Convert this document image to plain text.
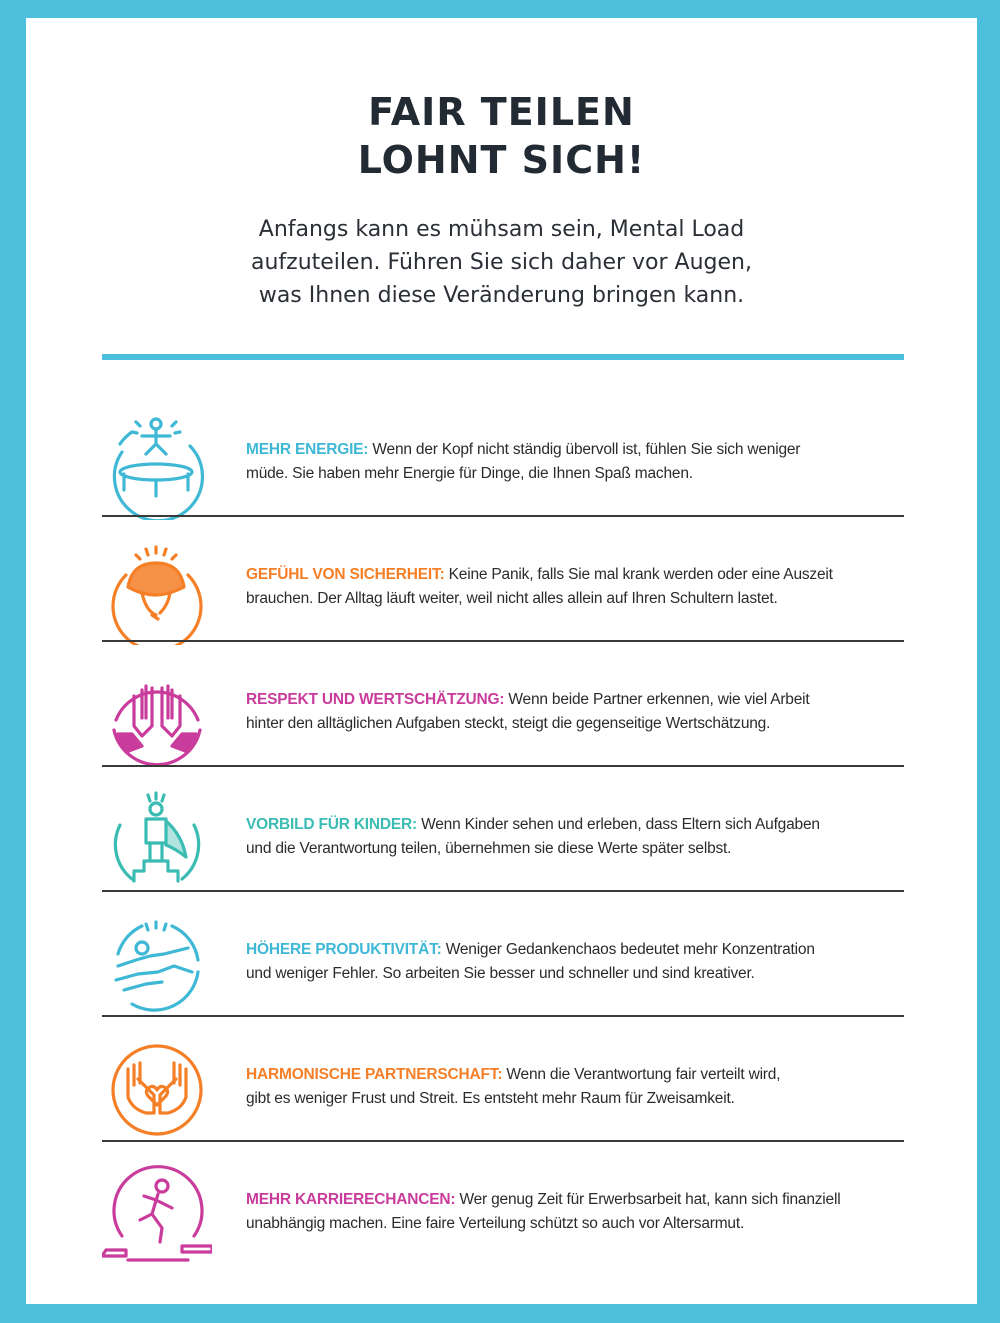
FAIR TEILEN
LOHNT SICH!

Anfangs kann es mühsam sein, Mental Load
aufzuteilen. Führen Sie sich daher vor Augen,
was Ihnen diese Veränderung bringen kann.

MEHR ENERGIE: Wenn der Kopf nicht ständig übervoll ist, fühlen Sie sich weniger
müde. Sie haben mehr Energie für Dinge, die Ihnen Spaß machen.
GEFÜHL VON SICHERHEIT: Keine Panik, falls Sie mal krank werden oder eine Auszeit
brauchen. Der Alltag läuft weiter, weil nicht alles allein auf Ihren Schultern lastet.
RESPEKT UND WERTSCHÄTZUNG: Wenn beide Partner erkennen, wie viel Arbeit
hinter den alltäglichen Aufgaben steckt, steigt die gegenseitige Wertschätzung.
VORBILD FÜR KINDER: Wenn Kinder sehen und erleben, dass Eltern sich Aufgaben
und die Verantwortung teilen, übernehmen sie diese Werte später selbst.
HÖHERE PRODUKTIVITÄT: Weniger Gedankenchaos bedeutet mehr Konzentration
und weniger Fehler. So arbeiten Sie besser und schneller und sind kreativer.
HARMONISCHE PARTNERSCHAFT: Wenn die Verantwortung fair verteilt wird,
gibt es weniger Frust und Streit. Es entsteht mehr Raum für Zweisamkeit.
MEHR KARRIERECHANCEN: Wer genug Zeit für Erwerbsarbeit hat, kann sich finanziell
unabhängig machen. Eine faire Verteilung schützt so auch vor Altersarmut.
